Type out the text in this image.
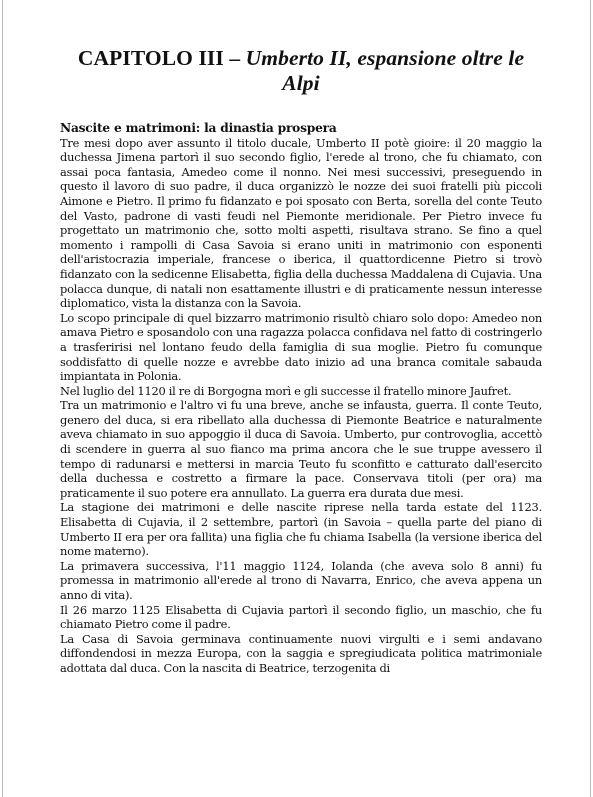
CAPITOLO III – Umberto II, espansione oltre le Alpi
Nascite e matrimoni: la dinastia prospera

Tre mesi dopo aver assunto il titolo ducale, Umberto II potè gioire: il 20 maggio la duchessa Jimena partorì il suo secondo figlio, l'erede al trono, che fu chiamato, con assai poca fantasia, Amedeo come il nonno. Nei mesi successivi, preseguendo in questo il lavoro di suo padre, il duca organizzò le nozze dei suoi fratelli più piccoli Aimone e Pietro. Il primo fu fidanzato e poi sposato con Berta, sorella del conte Teuto del Vasto, padrone di vasti feudi nel Piemonte meridionale. Per Pietro invece fu progettato un matrimonio che, sotto molti aspetti, risultava strano. Se fino a quel momento i rampolli di Casa Savoia si erano uniti in matrimonio con esponenti dell'aristocrazia imperiale, francese o iberica, il quattordicenne Pietro si trovò fidanzato con la sedicenne Elisabetta, figlia della duchessa Maddalena di Cujavia. Una polacca dunque, di natali non esattamente illustri e di praticamente nessun interesse diplomatico, vista la distanza con la Savoia.

Lo scopo principale di quel bizzarro matrimonio risultò chiaro solo dopo: Amedeo non amava Pietro e sposandolo con una ragazza polacca confidava nel fatto di costringerlo a trasferirisi nel lontano feudo della famiglia di sua moglie. Pietro fu comunque soddisfatto di quelle nozze e avrebbe dato inizio ad una branca comitale sabauda impiantata in Polonia.

Nel luglio del 1120 il re di Borgogna morì e gli successe il fratello minore Jaufret.

Tra un matrimonio e l'altro vi fu una breve, anche se infausta, guerra. Il conte Teuto, genero del duca, si era ribellato alla duchessa di Piemonte Beatrice e naturalmente aveva chiamato in suo appoggio il duca di Savoia. Umberto, pur controvoglia, accettò di scendere in guerra al suo fianco ma prima ancora che le sue truppe avessero il tempo di radunarsi e mettersi in marcia Teuto fu sconfitto e catturato dall'esercito della duchessa e costretto a firmare la pace. Conservava titoli (per ora) ma praticamente il suo potere era annullato. La guerra era durata due mesi.

La stagione dei matrimoni e delle nascite riprese nella tarda estate del 1123. Elisabetta di Cujavia, il 2 settembre, partorì (in Savoia – quella parte del piano di Umberto II era per ora fallita) una figlia che fu chiama Isabella (la versione iberica del nome materno).

La primavera successiva, l'11 maggio 1124, Iolanda (che aveva solo 8 anni) fu promessa in matrimonio all'erede al trono di Navarra, Enrico, che aveva appena un anno di vita).

Il 26 marzo 1125 Elisabetta di Cujavia partorì il secondo figlio, un maschio, che fu chiamato Pietro come il padre.

La Casa di Savoia germinava continuamente nuovi virgulti e i semi andavano diffondendosi in mezza Europa, con la saggia e spregiudicata politica matrimoniale adottata dal duca. Con la nascita di Beatrice, terzogenita di
